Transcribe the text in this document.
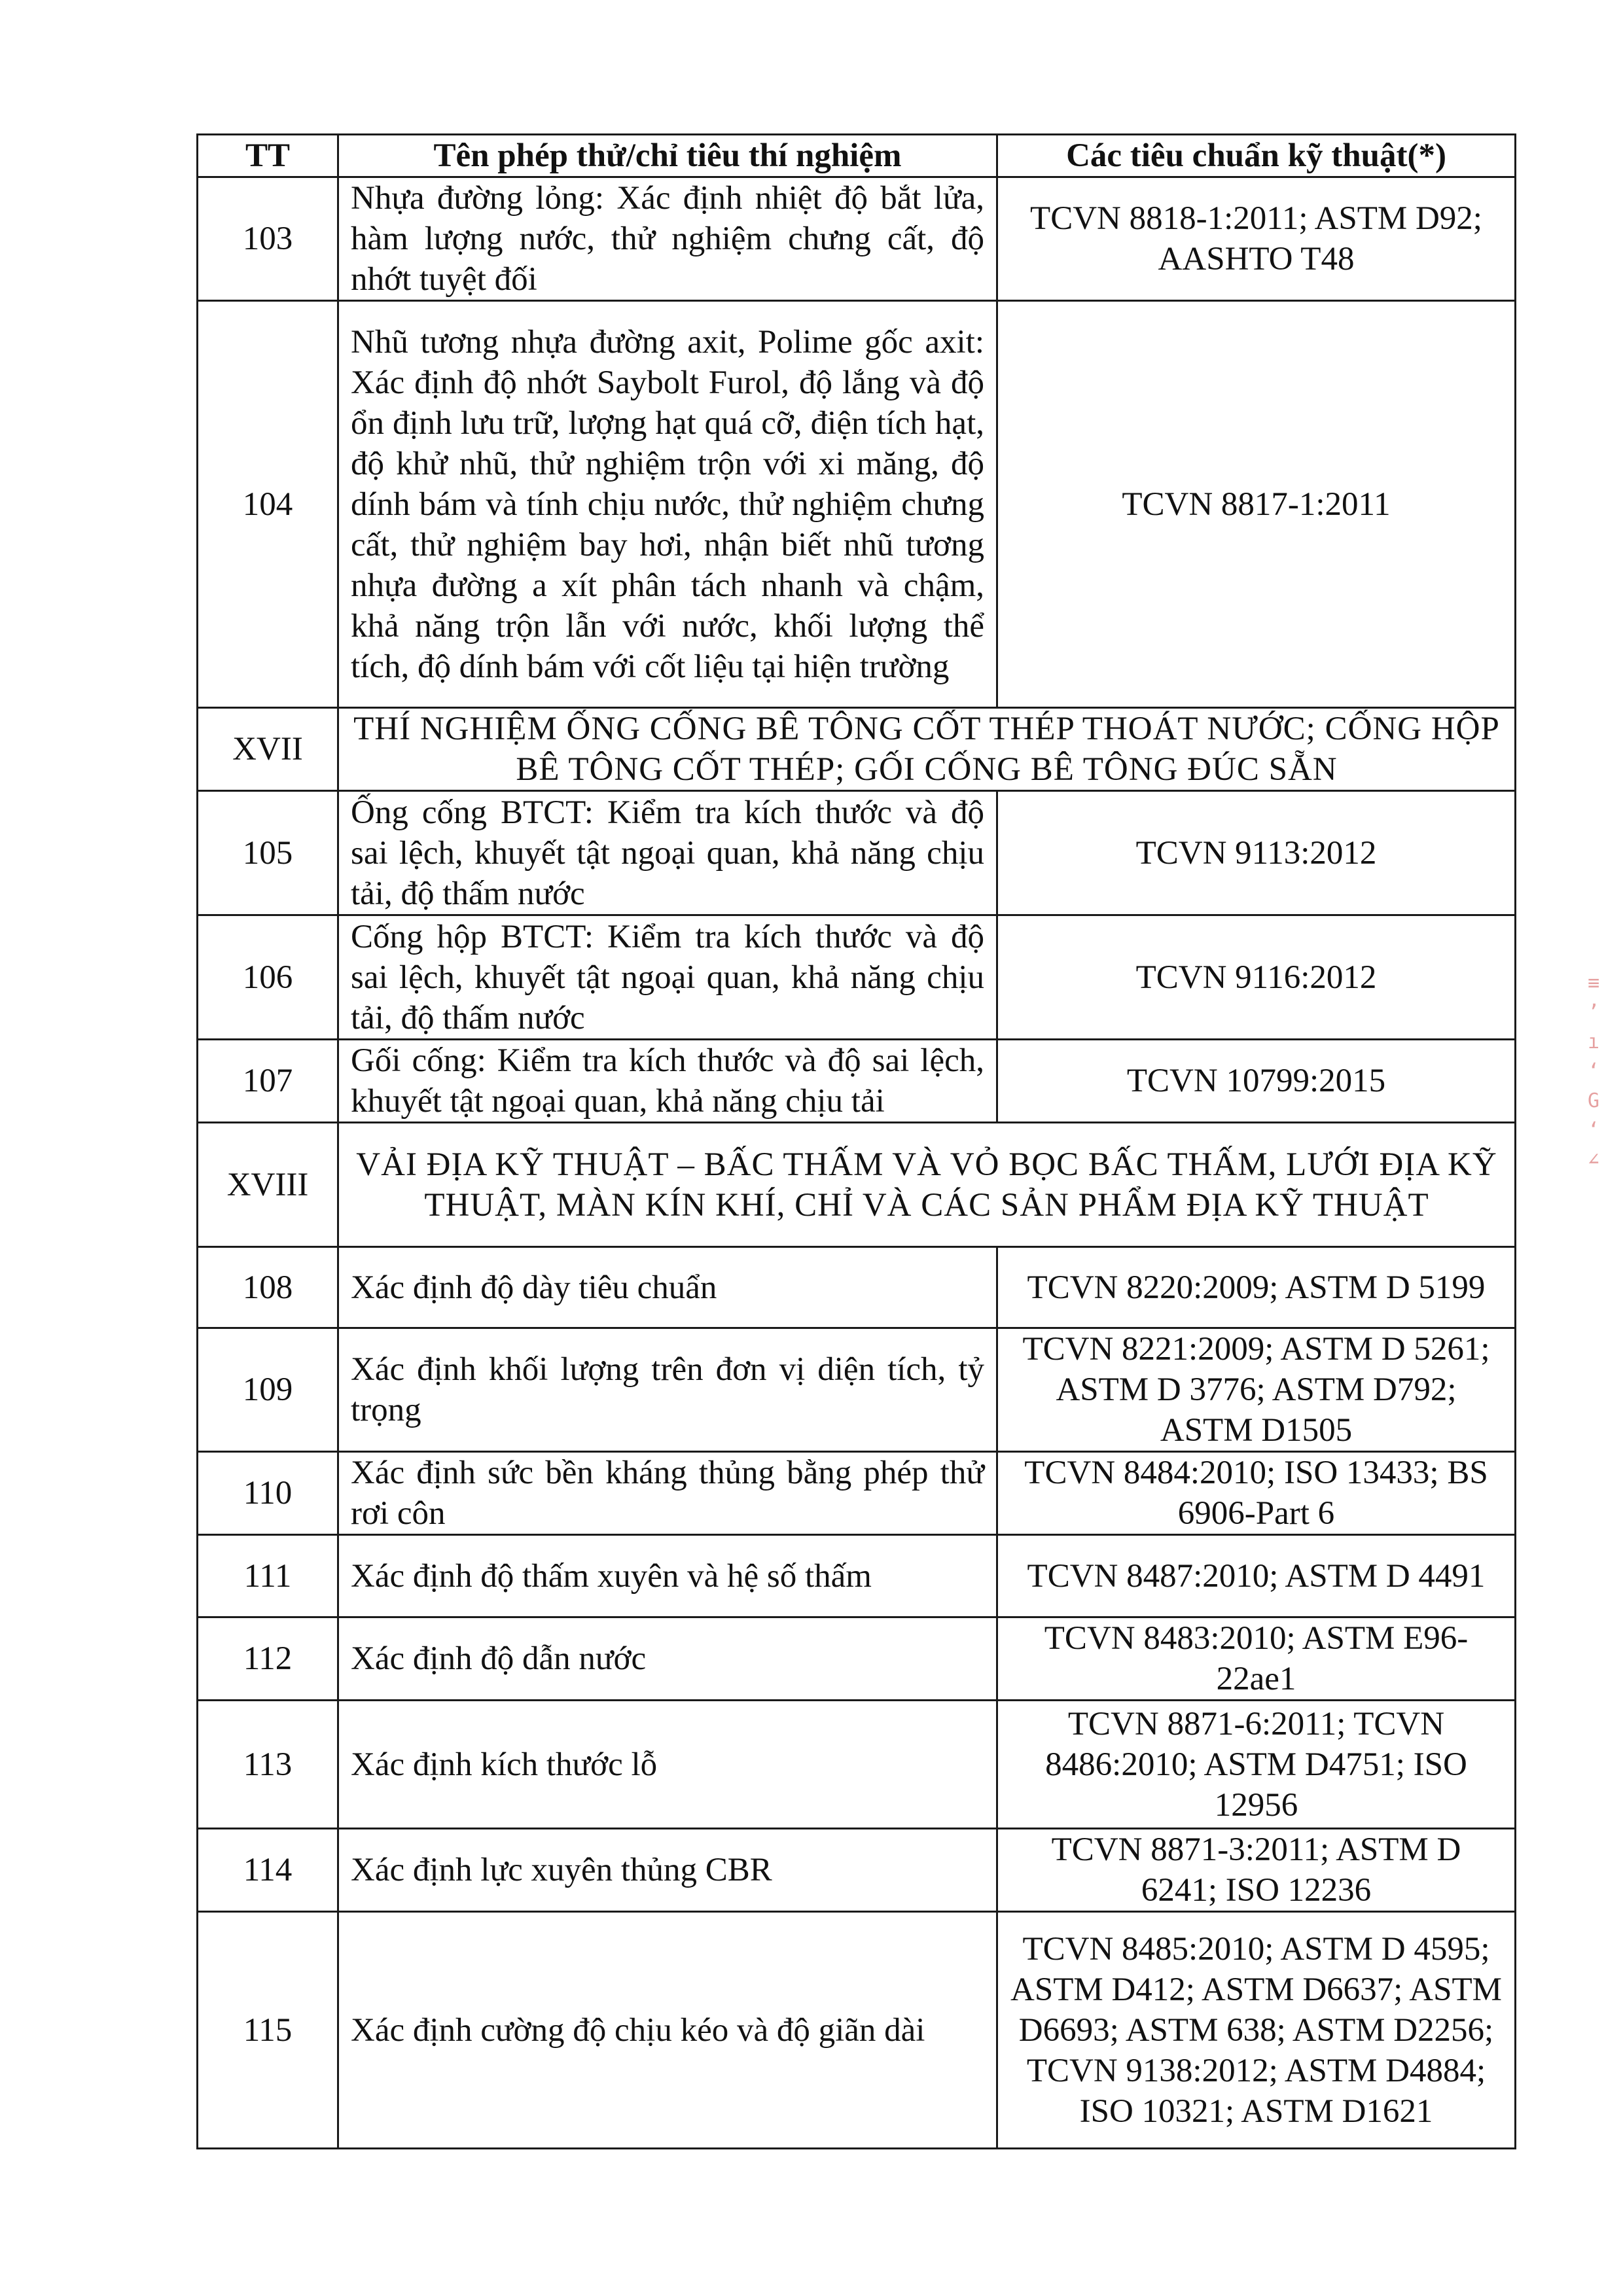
TT	Tên phép thử/chỉ tiêu thí nghiệm	Các tiêu chuẩn kỹ thuật(*)
103	Nhựa đường lỏng: Xác định nhiệt độ bắt lửa, hàm lượng nước, thử nghiệm chưng cất, độ nhớt tuyệt đối	TCVN 8818-1:2011; ASTM D92; AASHTO T48
104	Nhũ tương nhựa đường axit, Polime gốc axit: Xác định độ nhớt Saybolt Furol, độ lắng và độ ổn định lưu trữ, lượng hạt quá cỡ, điện tích hạt, độ khử nhũ, thử nghiệm trộn với xi măng, độ dính bám và tính chịu nước, thử nghiệm chưng cất, thử nghiệm bay hơi, nhận biết nhũ tương nhựa đường a xít phân tách nhanh và chậm, khả năng trộn lẫn với nước, khối lượng thể tích, độ dính bám với cốt liệu tại hiện trường	TCVN 8817-1:2011
XVII	THÍ NGHIỆM ỐNG CỐNG BÊ TÔNG CỐT THÉP THOÁT NƯỚC; CỐNG HỘP BÊ TÔNG CỐT THÉP; GỐI CỐNG BÊ TÔNG ĐÚC SẴN	
105	Ống cống BTCT: Kiểm tra kích thước và độ sai lệch, khuyết tật ngoại quan, khả năng chịu tải, độ thấm nước	TCVN 9113:2012
106	Cống hộp BTCT: Kiểm tra kích thước và độ sai lệch, khuyết tật ngoại quan, khả năng chịu tải, độ thấm nước	TCVN 9116:2012
107	Gối cống: Kiểm tra kích thước và độ sai lệch, khuyết tật ngoại quan, khả năng chịu tải	TCVN 10799:2015
XVIII	VẢI ĐỊA KỸ THUẬT – BẤC THẤM VÀ VỎ BỌC BẤC THẤM, LƯỚI ĐỊA KỸ THUẬT, MÀN KÍN KHÍ, CHỈ VÀ CÁC SẢN PHẨM ĐỊA KỸ THUẬT	
108	Xác định độ dày tiêu chuẩn	TCVN 8220:2009; ASTM D 5199
109	Xác định khối lượng trên đơn vị diện tích, tỷ trọng	TCVN 8221:2009; ASTM D 5261; ASTM D 3776; ASTM D792; ASTM D1505
110	Xác định sức bền kháng thủng bằng phép thử rơi côn	TCVN 8484:2010; ISO 13433; BS 6906-Part 6
111	Xác định độ thấm xuyên và hệ số thấm	TCVN 8487:2010; ASTM D 4491
112	Xác định độ dẫn nước	TCVN 8483:2010; ASTM E96-22ae1
113	Xác định kích thước lỗ	TCVN 8871-6:2011; TCVN 8486:2010; ASTM D4751; ISO 12956
114	Xác định lực xuyên thủng CBR	TCVN 8871-3:2011; ASTM D 6241; ISO 12236
115	Xác định cường độ chịu kéo và độ giãn dài	TCVN 8485:2010; ASTM D 4595; ASTM D412; ASTM D6637; ASTM D6693; ASTM 638; ASTM D2256; TCVN 9138:2012; ASTM D4884; ISO 10321; ASTM D1621
≡
ʼ
ı
ʻ
G
ʻ
∠
